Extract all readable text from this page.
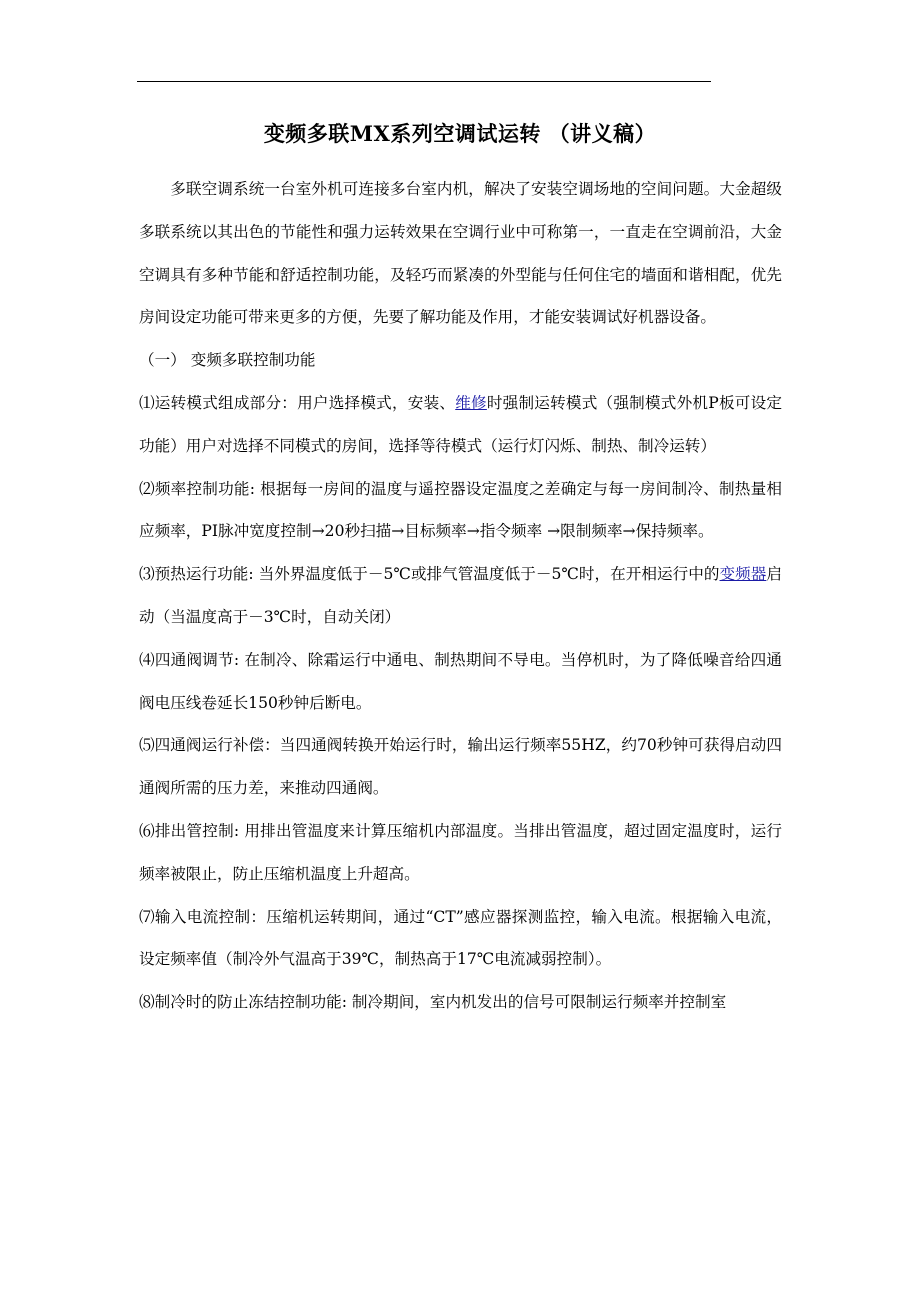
变频多联MX系列空调试运转 （讲义稿）

多联空调系统一台室外机可连接多台室内机，解决了安装空调场地的空间问题。大金超级多联系统以其出色的节能性和强力运转效果在空调行业中可称第一，一直走在空调前沿，大金空调具有多种节能和舒适控制功能，及轻巧而紧凑的外型能与任何住宅的墙面和谐相配，优先房间设定功能可带来更多的方便，先要了解功能及作用，才能安装调试好机器设备。

（一） 变频多联控制功能

⑴运转模式组成部分：用户选择模式，安装、维修时强制运转模式（强制模式外机P板可设定功能）用户对选择不同模式的房间，选择等待模式（运行灯闪烁、制热、制冷运转）

⑵频率控制功能: 根据每一房间的温度与遥控器设定温度之差确定与每一房间制冷、制热量相应频率，PI脉冲宽度控制→20秒扫描→目标频率→指令频率 →限制频率→保持频率。

⑶预热运行功能: 当外界温度低于－5℃或排气管温度低于－5℃时，在开相运行中的变频器启动（当温度高于－3℃时，自动关闭）

⑷四通阀调节: 在制冷、除霜运行中通电、制热期间不导电。当停机时，为了降低噪音给四通阀电压线卷延长150秒钟后断电。

⑸四通阀运行补偿：当四通阀转换开始运行时，输出运行频率55HZ，约70秒钟可获得启动四通阀所需的压力差，来推动四通阀。

⑹排出管控制: 用排出管温度来计算压缩机内部温度。当排出管温度，超过固定温度时，运行频率被限止，防止压缩机温度上升超高。

⑺输入电流控制：压缩机运转期间，通过“CT”感应器探测监控，输入电流。根据输入电流，设定频率值（制冷外气温高于39℃，制热高于17℃电流减弱控制）。

⑻制冷时的防止冻结控制功能: 制冷期间，室内机发出的信号可限制运行频率并控制室
